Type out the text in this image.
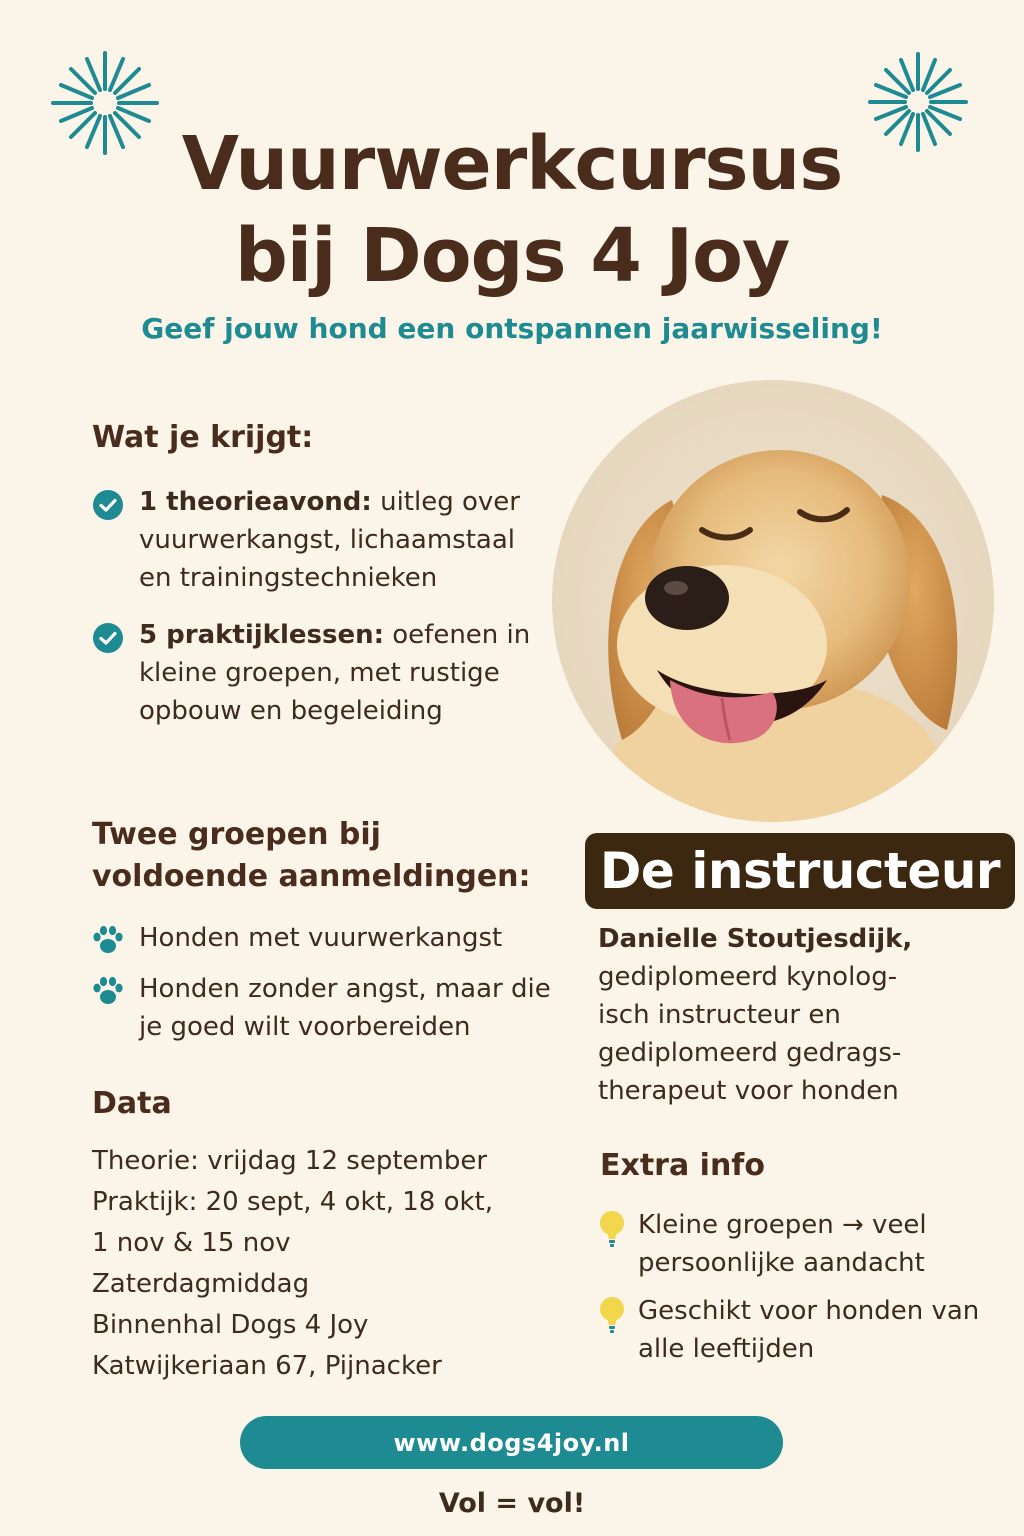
Vuurwerkcursus
bij Dogs 4 Joy
Geef jouw hond een ontspannen jaarwisseling!
Wat je krijgt:
1 theorieavond: uitleg over vuurwerkangst, lichaamstaal en trainingstechnieken
5 praktijklessen: oefenen in kleine groepen, met rustige opbouw en begeleiding
Twee groepen bij
voldoende aanmeldingen:
Honden met vuurwerkangst
Honden zonder angst, maar die je goed wilt voorbereiden
Data
Theorie: vrijdag 12 september
Praktijk: 20 sept, 4 okt, 18 okt,
1 nov & 15 nov
Zaterdagmiddag
Binnenhal Dogs 4 Joy
Katwijkeriaan 67, Pijnacker
De instructeur
Danielle Stoutjesdijk,
gediplomeerd kynolog-
isch instructeur en
gediplomeerd gedrags-
therapeut voor honden
Extra info
Kleine groepen → veel persoonlijke aandacht
Geschikt voor honden van alle leeftijden
www.dogs4joy.nl
Vol = vol!
